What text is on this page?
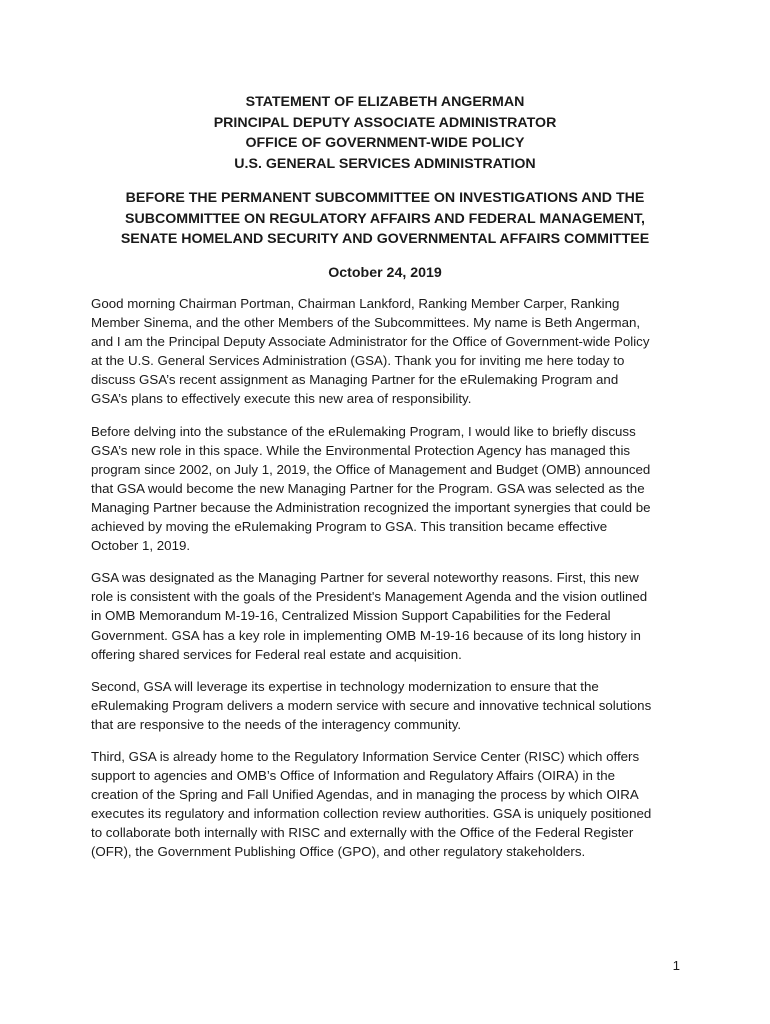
STATEMENT OF ELIZABETH ANGERMAN
PRINCIPAL DEPUTY ASSOCIATE ADMINISTRATOR
OFFICE OF GOVERNMENT-WIDE POLICY
U.S. GENERAL SERVICES ADMINISTRATION
BEFORE THE PERMANENT SUBCOMMITTEE ON INVESTIGATIONS AND THE
SUBCOMMITTEE ON REGULATORY AFFAIRS AND FEDERAL MANAGEMENT,
SENATE HOMELAND SECURITY AND GOVERNMENTAL AFFAIRS COMMITTEE
October 24, 2019

Good morning Chairman Portman, Chairman Lankford, Ranking Member Carper, Ranking
Member Sinema, and the other Members of the Subcommittees. My name is Beth Angerman,
and I am the Principal Deputy Associate Administrator for the Office of Government-wide Policy
at the U.S. General Services Administration (GSA). Thank you for inviting me here today to
discuss GSA’s recent assignment as Managing Partner for the eRulemaking Program and
GSA’s plans to effectively execute this new area of responsibility.

Before delving into the substance of the eRulemaking Program, I would like to briefly discuss
GSA’s new role in this space. While the Environmental Protection Agency has managed this
program since 2002, on July 1, 2019, the Office of Management and Budget (OMB) announced
that GSA would become the new Managing Partner for the Program. GSA was selected as the
Managing Partner because the Administration recognized the important synergies that could be
achieved by moving the eRulemaking Program to GSA. This transition became effective
October 1, 2019.

GSA was designated as the Managing Partner for several noteworthy reasons. First, this new
role is consistent with the goals of the President's Management Agenda and the vision outlined
in OMB Memorandum M-19-16, Centralized Mission Support Capabilities for the Federal
Government. GSA has a key role in implementing OMB M-19-16 because of its long history in
offering shared services for Federal real estate and acquisition.

Second, GSA will leverage its expertise in technology modernization to ensure that the
eRulemaking Program delivers a modern service with secure and innovative technical solutions
that are responsive to the needs of the interagency community.

Third, GSA is already home to the Regulatory Information Service Center (RISC) which offers
support to agencies and OMB’s Office of Information and Regulatory Affairs (OIRA) in the
creation of the Spring and Fall Unified Agendas, and in managing the process by which OIRA
executes its regulatory and information collection review authorities. GSA is uniquely positioned
to collaborate both internally with RISC and externally with the Office of the Federal Register
(OFR), the Government Publishing Office (GPO), and other regulatory stakeholders.

1
